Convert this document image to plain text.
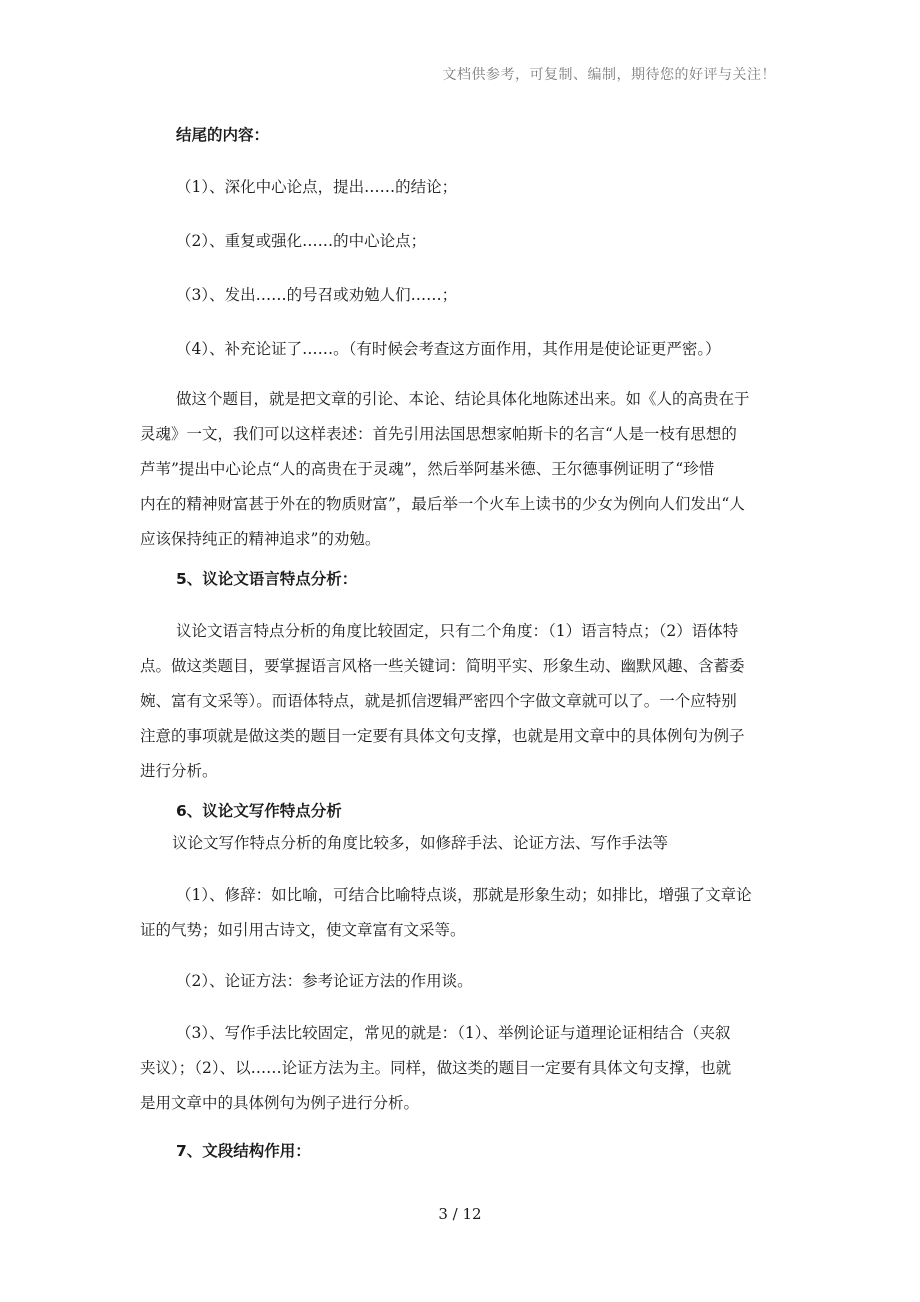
文档供参考，可复制、编制，期待您的好评与关注！
结尾的内容：
（1）、深化中心论点，提出……的结论；
（2）、重复或强化……的中心论点；
（3）、发出……的号召或劝勉人们……；
（4）、补充论证了……。（有时候会考查这方面作用，其作用是使论证更严密。）
做这个题目，就是把文章的引论、本论、结论具体化地陈述出来。如《人的高贵在于
灵魂》一文，我们可以这样表述：首先引用法国思想家帕斯卡的名言“人是一枝有思想的
芦苇”提出中心论点“人的高贵在于灵魂”，然后举阿基米德、王尔德事例证明了“珍惜
内在的精神财富甚于外在的物质财富”，最后举一个火车上读书的少女为例向人们发出“人
应该保持纯正的精神追求”的劝勉。
5、议论文语言特点分析：
议论文语言特点分析的角度比较固定，只有二个角度：（1）语言特点；（2）语体特
点。做这类题目，要掌握语言风格一些关键词：简明平实、形象生动、幽默风趣、含蓄委
婉、富有文采等）。而语体特点，就是抓信逻辑严密四个字做文章就可以了。一个应特别
注意的事项就是做这类的题目一定要有具体文句支撑，也就是用文章中的具体例句为例子
进行分析。
6、议论文写作特点分析
议论文写作特点分析的角度比较多，如修辞手法、论证方法、写作手法等
（1）、修辞：如比喻，可结合比喻特点谈，那就是形象生动；如排比，增强了文章论
证的气势；如引用古诗文，使文章富有文采等。
（2）、论证方法：参考论证方法的作用谈。
（3）、写作手法比较固定，常见的就是：（1）、举例论证与道理论证相结合（夹叙
夹议）；（2）、以……论证方法为主。同样，做这类的题目一定要有具体文句支撑，也就
是用文章中的具体例句为例子进行分析。
7、文段结构作用：
3 / 12
